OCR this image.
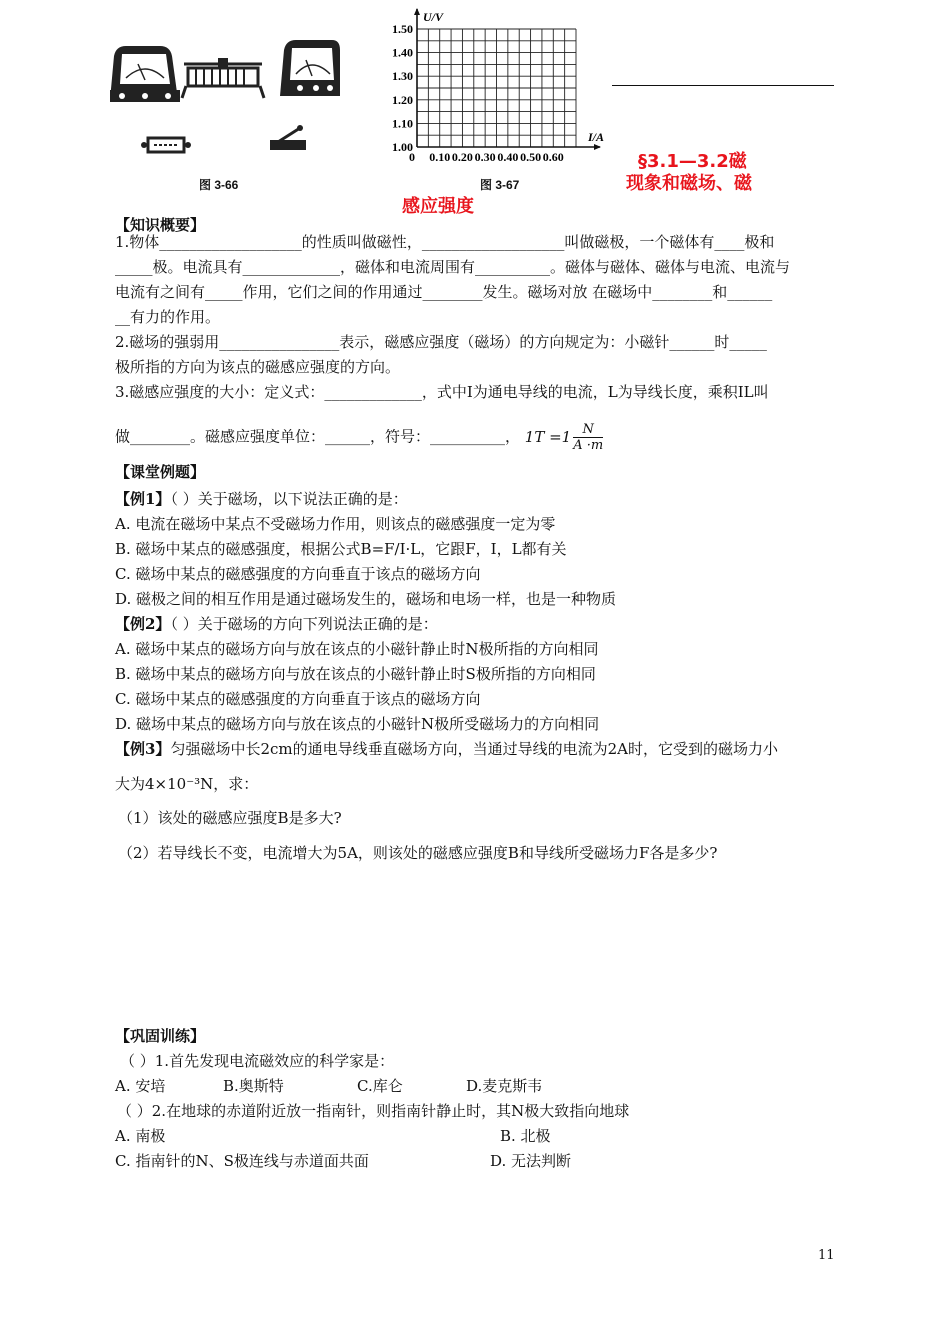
图 3-66
U/V
I/A
1.50
1.40
1.30
1.20
1.10
1.00
0 0.10 0.20 0.30 0.40 0.50 0.60
图 3-67
§3.1—3.2磁
现象和磁场、磁
感应强度
【知识概要】
1.物体___________________的性质叫做磁性，___________________叫做磁极，一个磁体有____极和
_____极。电流具有_____________，磁体和电流周围有__________。磁体与磁体、磁体与电流、电流与
电流有之间有_____作用，它们之间的作用通过________发生。磁场对放 在磁场中________和______
__有力的作用。
2.磁场的强弱用________________表示，磁感应强度（磁场）的方向规定为：小磁针______时_____
极所指的方向为该点的磁感应强度的方向。
3.磁感应强度的大小：定义式：_____________，式中I为通电导线的电流，L为导线长度，乘积IL叫
做________。磁感应强度单位：______，符号：__________， $1T =1 \frac{N}{A \cdot m}$
【课堂例题】
【例1】（ ）关于磁场，以下说法正确的是：
A. 电流在磁场中某点不受磁场力作用，则该点的磁感强度一定为零
B. 磁场中某点的磁感强度，根据公式B=F/I·L，它跟F，I，L都有关
C. 磁场中某点的磁感强度的方向垂直于该点的磁场方向
D. 磁极之间的相互作用是通过磁场发生的，磁场和电场一样，也是一种物质
【例2】（ ）关于磁场的方向下列说法正确的是：
A. 磁场中某点的磁场方向与放在该点的小磁针静止时N极所指的方向相同
B. 磁场中某点的磁场方向与放在该点的小磁针静止时S极所指的方向相同
C. 磁场中某点的磁感强度的方向垂直于该点的磁场方向
D. 磁场中某点的磁场方向与放在该点的小磁针N极所受磁场力的方向相同
【例3】匀强磁场中长2cm的通电导线垂直磁场方向，当通过导线的电流为2A时，它受到的磁场力小
大为4×10⁻³N，求：
（1）该处的磁感应强度B是多大?
（2）若导线长不变，电流增大为5A，则该处的磁感应强度B和导线所受磁场力F各是多少?
【巩固训练】
（ ）1.首先发现电流磁效应的科学家是：
A. 安培	B.奥斯特	C.库仑	D.麦克斯韦
（ ）2.在地球的赤道附近放一指南针，则指南针静止时，其N极大致指向地球
A. 南极	B. 北极
C. 指南针的N、S极连线与赤道面共面	D. 无法判断
11
